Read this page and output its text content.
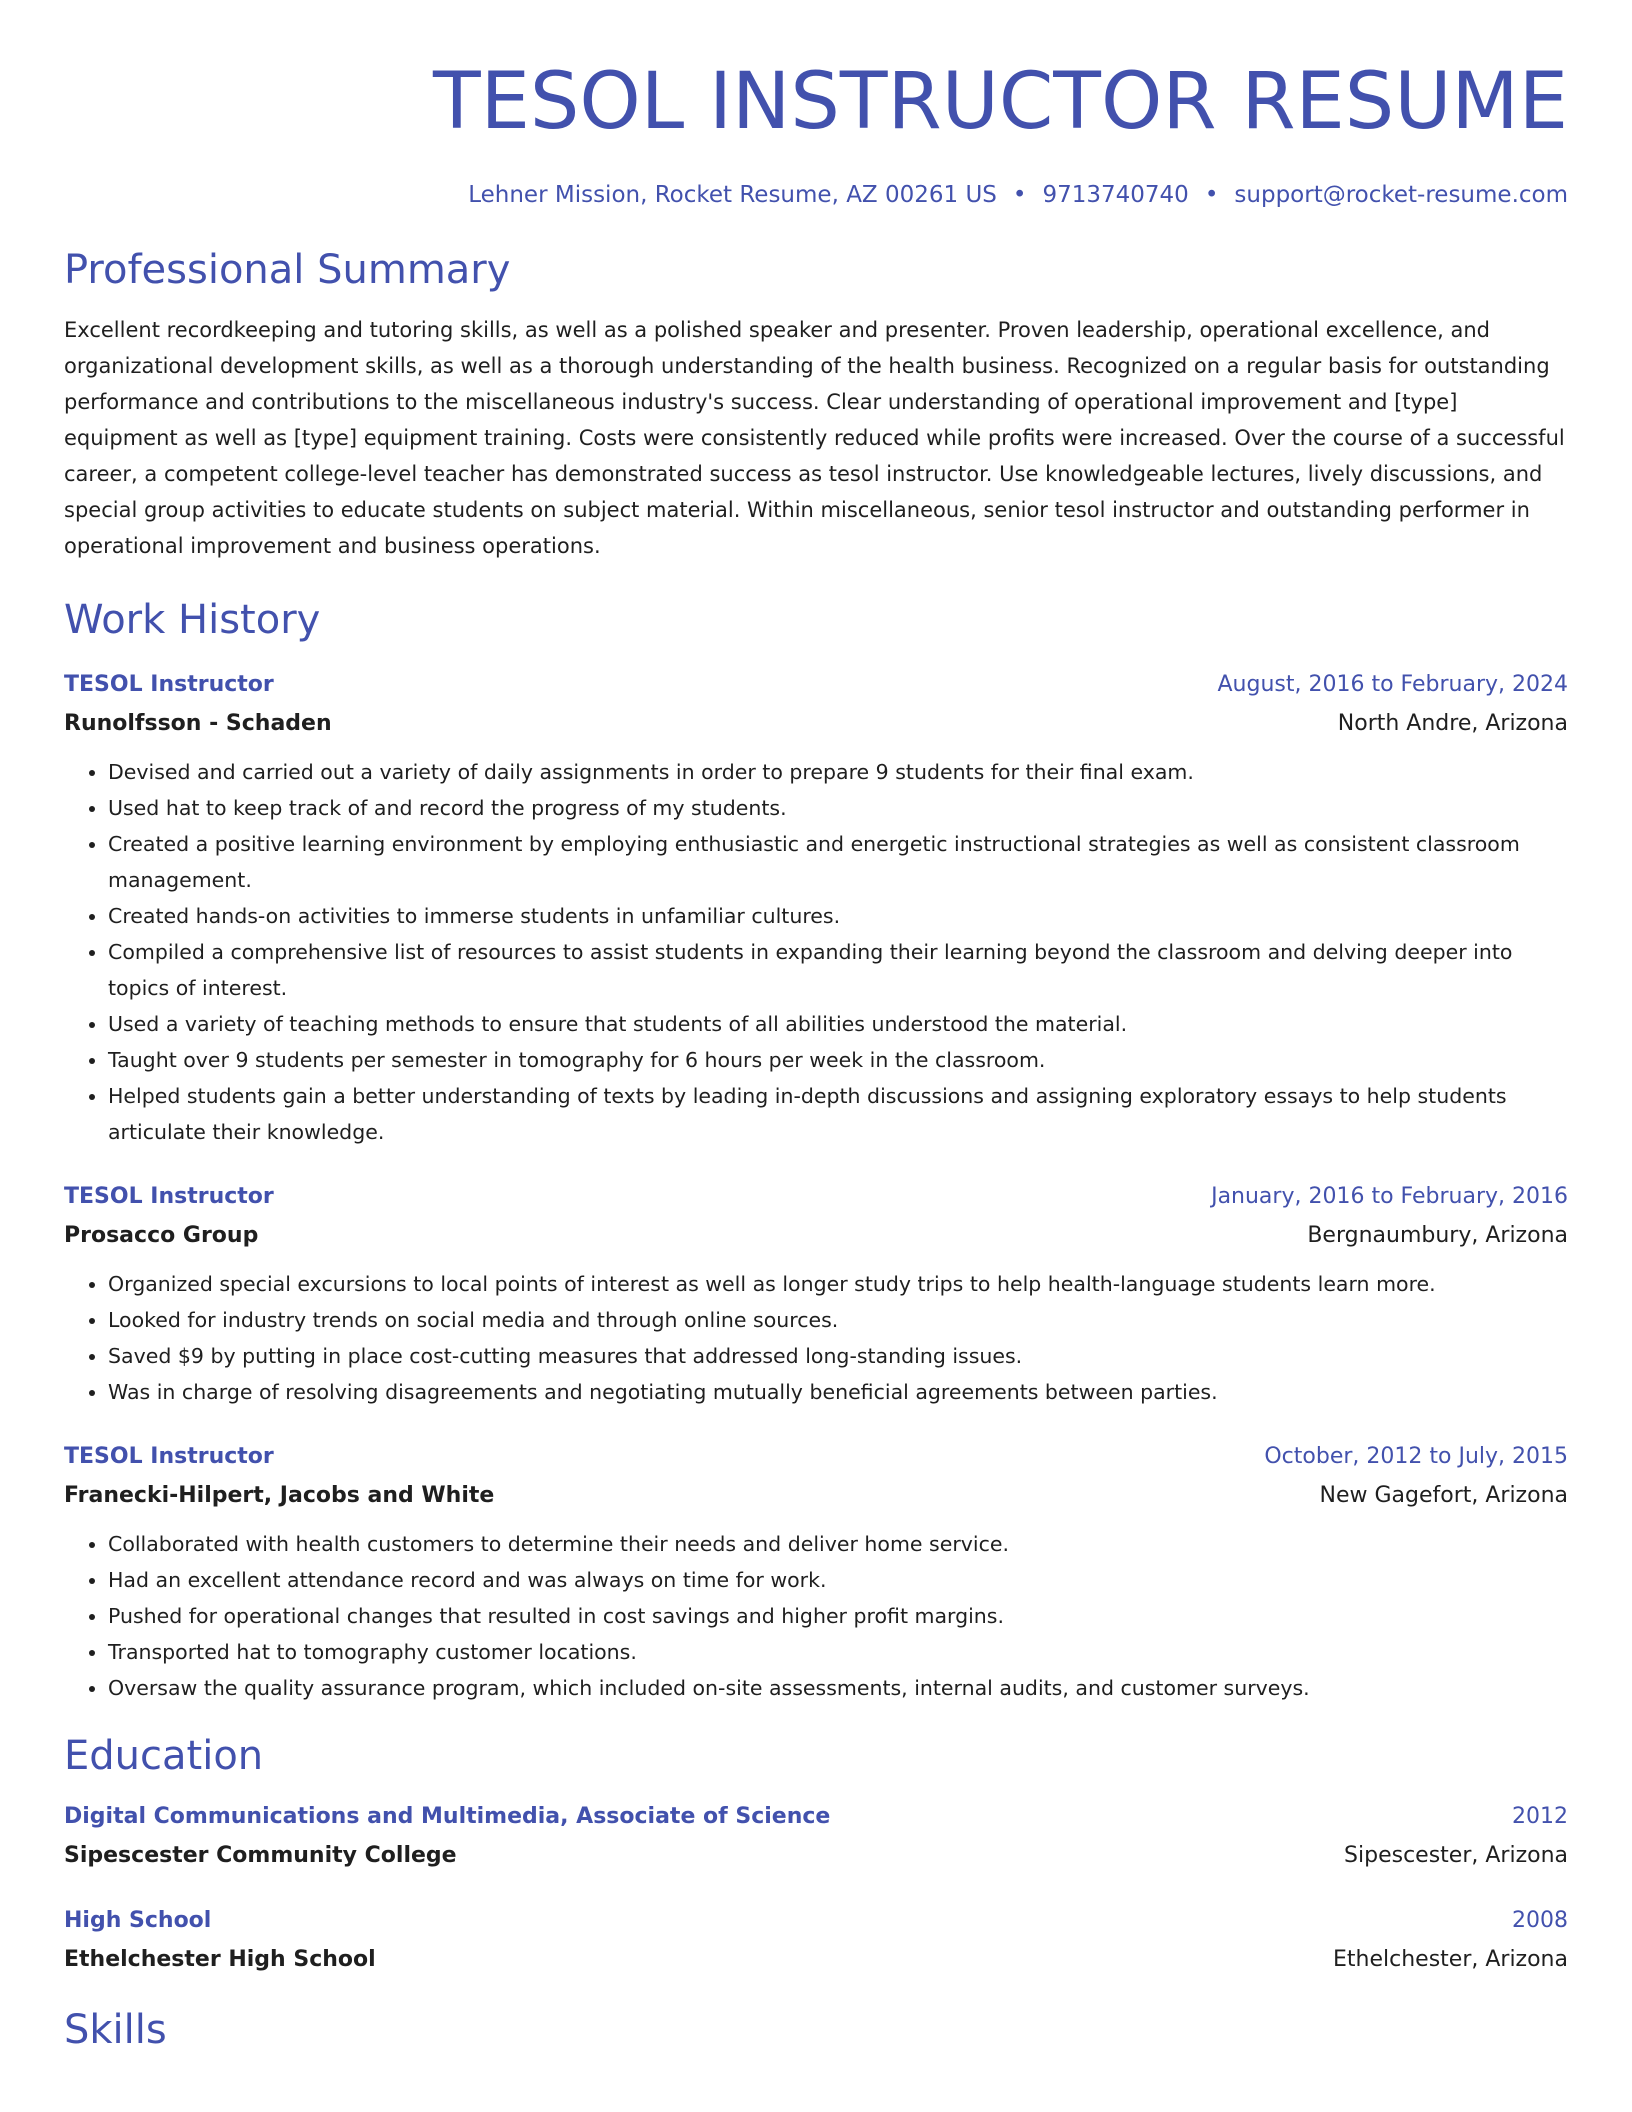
TESOL INSTRUCTOR RESUME
Lehner Mission, Rocket Resume, AZ 00261 US • 9713740740 • support@rocket-resume.com
Professional Summary

Excellent recordkeeping and tutoring skills, as well as a polished speaker and presenter. Proven leadership, operational excellence, and organizational development skills, as well as a thorough understanding of the health business. Recognized on a regular basis for outstanding performance and contributions to the miscellaneous industry's success. Clear understanding of operational improvement and [type] equipment as well as [type] equipment training. Costs were consistently reduced while profits were increased. Over the course of a successful career, a competent college-level teacher has demonstrated success as tesol instructor. Use knowledgeable lectures, lively discussions, and special group activities to educate students on subject material. Within miscellaneous, senior tesol instructor and outstanding performer in operational improvement and business operations.

Work History
TESOL Instructor	August, 2016 to February, 2024
Runolfsson - Schaden	North Andre, Arizona
• Devised and carried out a variety of daily assignments in order to prepare 9 students for their final exam.
• Used hat to keep track of and record the progress of my students.
• Created a positive learning environment by employing enthusiastic and energetic instructional strategies as well as consistent classroom management.
• Created hands-on activities to immerse students in unfamiliar cultures.
• Compiled a comprehensive list of resources to assist students in expanding their learning beyond the classroom and delving deeper into topics of interest.
• Used a variety of teaching methods to ensure that students of all abilities understood the material.
• Taught over 9 students per semester in tomography for 6 hours per week in the classroom.
• Helped students gain a better understanding of texts by leading in-depth discussions and assigning exploratory essays to help students articulate their knowledge.
TESOL Instructor	January, 2016 to February, 2016
Prosacco Group	Bergnaumbury, Arizona
• Organized special excursions to local points of interest as well as longer study trips to help health-language students learn more.
• Looked for industry trends on social media and through online sources.
• Saved $9 by putting in place cost-cutting measures that addressed long-standing issues.
• Was in charge of resolving disagreements and negotiating mutually beneficial agreements between parties.
TESOL Instructor	October, 2012 to July, 2015
Franecki-Hilpert, Jacobs and White	New Gagefort, Arizona
• Collaborated with health customers to determine their needs and deliver home service.
• Had an excellent attendance record and was always on time for work.
• Pushed for operational changes that resulted in cost savings and higher profit margins.
• Transported hat to tomography customer locations.
• Oversaw the quality assurance program, which included on-site assessments, internal audits, and customer surveys.
Education
Digital Communications and Multimedia, Associate of Science	2012
Sipescester Community College	Sipescester, Arizona
High School	2008
Ethelchester High School	Ethelchester, Arizona
Skills
